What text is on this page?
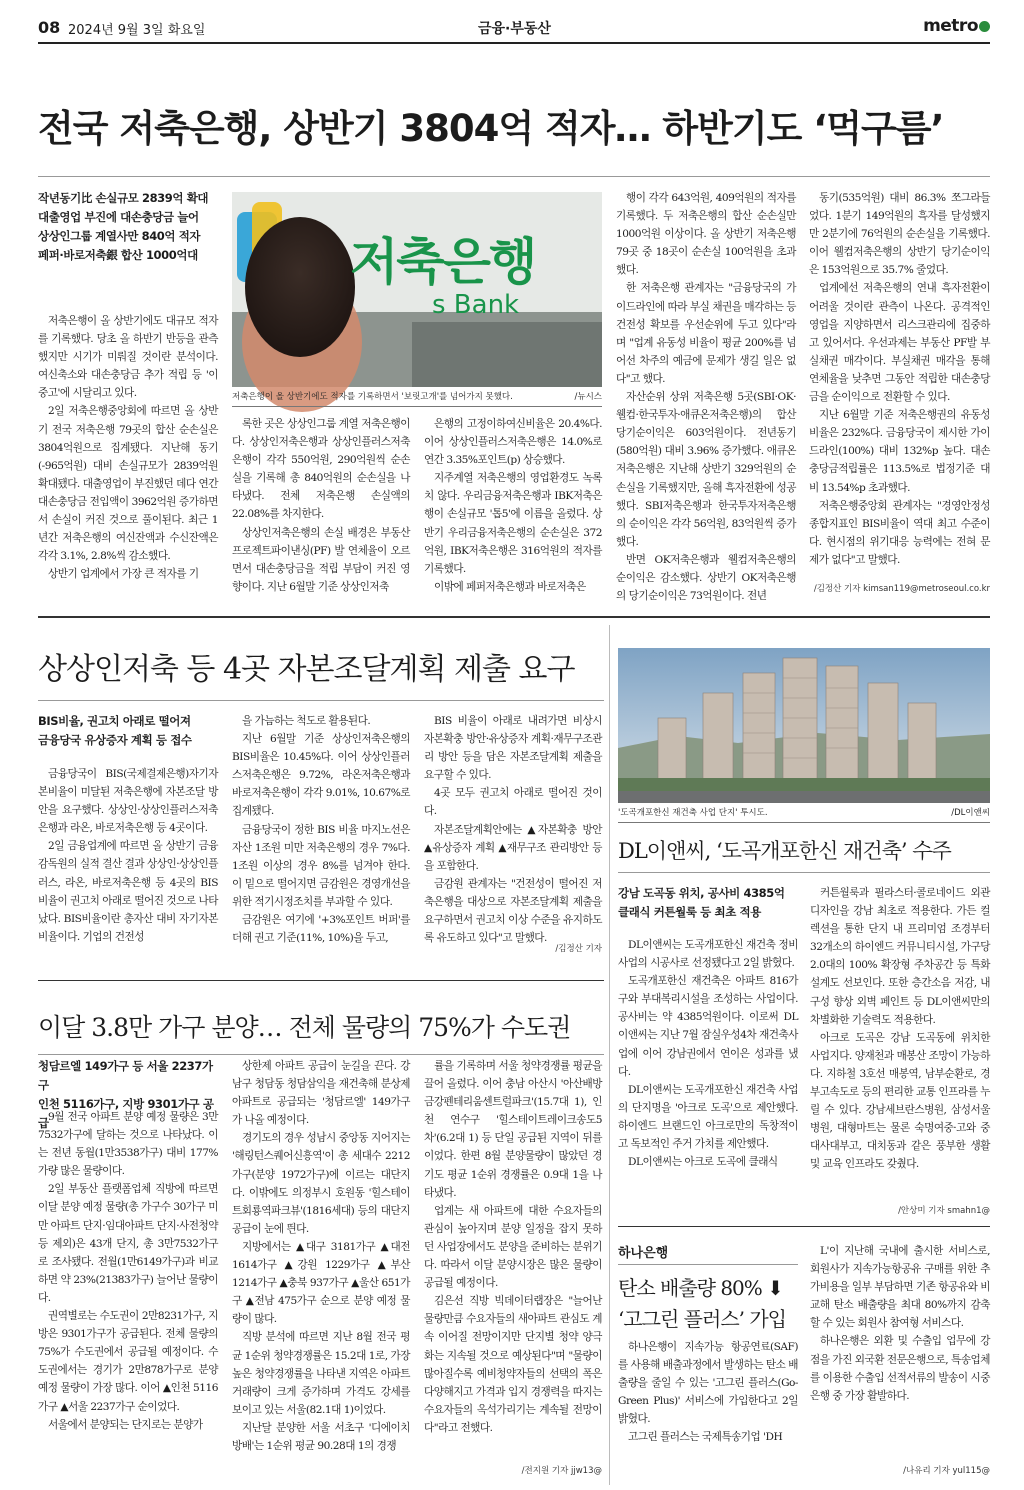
08 2024년 9월 3일 화요일	금융·부동산	metro
전국 저축은행, 상반기 3804억 적자… 하반기도 ‘먹구름’
작년동기比 손실규모 2839억 확대
대출영업 부진에 대손충당금 늘어
상상인그룹 계열사만 840억 적자
페퍼·바로저축銀 합산 1000억대

저축은행이 올 상반기에도 대규모 적자를 기록했다. 당초 올 하반기 반등을 관측했지만 시기가 미뤄질 것이란 분석이다. 여신축소와 대손충당금 추가 적립 등 '이중고'에 시달리고 있다.

2일 저축은행중앙회에 따르면 올 상반기 전국 저축은행 79곳의 합산 순손실은 3804억원으로 집계됐다. 지난해 동기(-965억원) 대비 손실규모가 2839억원 확대됐다. 대출영업이 부진했던 데다 연간 대손충당금 전입액이 3962억원 증가하면서 손실이 커진 것으로 풀이된다. 최근 1년간 저축은행의 여신잔액과 수신잔액은 각각 3.1%, 2.8%씩 감소했다.

상반기 업계에서 가장 큰 적자를 기

저축은행
s Bank
저축은행이 올 상반기에도 적자를 기록하면서 '보릿고개'를 넘어가지 못했다.	/뉴시스

록한 곳은 상상인그룹 계열 저축은행이다. 상상인저축은행과 상상인플러스저축은행이 각각 550억원, 290억원씩 순손실을 기록해 총 840억원의 순손실을 나타냈다. 전체 저축은행 손실액의 22.08%를 차지한다.

상상인저축은행의 손실 배경은 부동산 프로젝트파이낸싱(PF) 발 연체율이 오르면서 대손충당금을 적립 부담이 커진 영향이다. 지난 6월말 기준 상상인저축

은행의 고정이하여신비율은 20.4%다. 이어 상상인플러스저축은행은 14.0%로 연간 3.35%포인트(p) 상승했다.

지주계열 저축은행의 영업환경도 녹록치 않다. 우리금융저축은행과 IBK저축은행이 손실규모 '톱5'에 이름을 올렸다. 상반기 우리금융저축은행의 순손실은 372억원, IBK저축은행은 316억원의 적자를 기록했다.

이밖에 페퍼저축은행과 바로저축은

행이 각각 643억원, 409억원의 적자를 기록했다. 두 저축은행의 합산 순손실만 1000억원 이상이다. 올 상반기 저축은행 79곳 중 18곳이 순손실 100억원을 초과했다.

한 저축은행 관계자는 "금융당국의 가이드라인에 따라 부실 채권을 매각하는 등 건전성 확보를 우선순위에 두고 있다"라며 "업계 유동성 비율이 평균 200%를 넘어선 차주의 예금에 문제가 생길 일은 없다"고 했다.

자산순위 상위 저축은행 5곳(SBI·OK·웰컴·한국투자·애큐온저축은행)의 합산 당기순이익은 603억원이다. 전년동기(580억원) 대비 3.96% 증가했다. 애큐온저축은행은 지난해 상반기 329억원의 순손실을 기록했지만, 올해 흑자전환에 성공했다. SBI저축은행과 한국투자저축은행의 순이익은 각각 56억원, 83억원씩 증가했다.

반면 OK저축은행과 웰컴저축은행의 순이익은 감소했다. 상반기 OK저축은행의 당기순이익은 73억원이다. 전년

동기(535억원) 대비 86.3% 쪼그라들었다. 1분기 149억원의 흑자를 달성했지만 2분기에 76억원의 순손실을 기록했다. 이어 웰컴저축은행의 상반기 당기순이익은 153억원으로 35.7% 줄었다.

업계에선 저축은행의 연내 흑자전환이 어려울 것이란 관측이 나온다. 공격적인 영업을 지양하면서 리스크관리에 집중하고 있어서다. 우선과제는 부동산 PF발 부실채권 매각이다. 부실채권 매각을 통해 연체율을 낮추면 그동안 적립한 대손충당금을 순이익으로 전환할 수 있다.

지난 6월말 기준 저축은행권의 유동성비율은 232%다. 금융당국이 제시한 가이드라인(100%) 대비 132%p 높다. 대손충당금적립률은 113.5%로 법정기준 대비 13.54%p 초과했다.

저축은행중앙회 관계자는 "경영안정성 종합지표인 BIS비율이 역대 최고 수준이다. 현시점의 위기대응 능력에는 전혀 문제가 없다"고 말했다.

/김정산 기자 kimsan119@metroseoul.co.kr
상상인저축 등 4곳 자본조달계획 제출 요구
BIS비율, 권고치 아래로 떨어져
금융당국 유상증자 계획 등 접수

금융당국이 BIS(국제결제은행)자기자본비율이 미달된 저축은행에 자본조달 방안을 요구했다. 상상인·상상인플러스저축은행과 라온, 바로저축은행 등 4곳이다.

2일 금융업계에 따르면 올 상반기 금융감독원의 실적 결산 결과 상상인·상상인플러스, 라온, 바로저축은행 등 4곳의 BIS비율이 권고치 아래로 떨어진 것으로 나타났다. BIS비율이란 총자산 대비 자기자본 비율이다. 기업의 건전성

을 가늠하는 척도로 활용된다.

지난 6월말 기준 상상인저축은행의 BIS비율은 10.45%다. 이어 상상인플러스저축은행은 9.72%, 라온저축은행과 바로저축은행이 각각 9.01%, 10.67%로 집계됐다.

금융당국이 정한 BIS 비율 마지노선은 자산 1조원 미만 저축은행의 경우 7%다. 1조원 이상의 경우 8%를 넘겨야 한다. 이 밑으로 떨어지면 금감원은 경영개선을 위한 적기시정조치를 부과할 수 있다.

금감원은 여기에 '+3%포인트 버퍼'를 더해 권고 기준(11%, 10%)을 두고,

BIS 비율이 아래로 내려가면 비상시 자본확충 방안·유상증자 계획·재무구조관리 방안 등을 담은 자본조달계획 제출을 요구할 수 있다.

4곳 모두 권고치 아래로 떨어진 것이다.

자본조달계획안에는 ▲자본확충 방안 ▲유상증자 계획 ▲재무구조 관리방안 등을 포함한다.

금감원 관계자는 "건전성이 떨어진 저축은행을 대상으로 자본조달계획 제출을 요구하면서 권고치 이상 수준을 유지하도록 유도하고 있다"고 말했다.

/김정산 기자
'도곡개포한신 재건축 사업 단지' 투시도.	/DL이앤씨
DL이앤씨, ‘도곡개포한신 재건축’ 수주
강남 도곡동 위치, 공사비 4385억
클래식 커튼월룩 등 최초 적용

DL이앤씨는 도곡개포한신 재건축 정비사업의 시공사로 선정됐다고 2일 밝혔다.

도곡개포한신 재건축은 아파트 816가구와 부대복리시설을 조성하는 사업이다. 공사비는 약 4385억원이다. 이로써 DL이앤씨는 지난 7월 잠실우성4차 재건축사업에 이어 강남권에서 연이은 성과를 냈다.

DL이앤씨는 도곡개포한신 재건축 사업의 단지명을 '아크로 도곡'으로 제안했다. 하이엔드 브랜드인 아크로만의 독창적이고 독보적인 주거 가치를 제안했다.

DL이앤씨는 아크로 도곡에 클래식

커튼월룩과 필라스터·콜로네이드 외관 디자인을 강남 최초로 적용한다. 가든 컬렉션을 통한 단지 내 프리미엄 조경부터 32개소의 하이엔드 커뮤니티시설, 가구당 2.0대의 100% 확장형 주차공간 등 특화 설계도 선보인다. 또한 층간소음 저감, 내구성 향상 외벽 페인트 등 DL이앤씨만의 차별화한 기술력도 적용한다.

아크로 도곡은 강남 도곡동에 위치한 사업지다. 양재천과 매봉산 조망이 가능하다. 지하철 3호선 매봉역, 남부순환로, 경부고속도로 등의 편리한 교통 인프라를 누릴 수 있다. 강남세브란스병원, 삼성서울병원, 대형마트는 물론 숙명여중·고와 중대사대부고, 대치동과 같은 풍부한 생활 및 교육 인프라도 갖췄다.

/안상미 기자 smahn1@
이달 3.8만 가구 분양… 전체 물량의 75%가 수도권
청담르엘 149가구 등 서울 2237가구
인천 5116가구, 지방 9301가구 공급 9월 전국 아파트 분양 예정 물량은 3만7532가구에 달하는 것으로 나타났다. 이는 전년 동월(1만3538가구) 대비 177%가량 많은 물량이다.

2일 부동산 플랫폼업체 직방에 따르면 이달 분양 예정 물량(총 가구수 30가구 미만 아파트 단지·임대아파트 단지·사전청약 등 제외)은 43개 단지, 총 3만7532가구로 조사됐다. 전월(1만6149가구)과 비교하면 약 23%(21383가구) 늘어난 물량이다.

권역별로는 수도권이 2만8231가구, 지방은 9301가구가 공급된다. 전체 물량의 75%가 수도권에서 공급될 예정이다. 수도권에서는 경기가 2만878가구로 분양 예정 물량이 가장 많다. 이어 ▲인천 5116가구 ▲서울 2237가구 순이었다.

서울에서 분양되는 단지로는 분양가

상한제 아파트 공급이 눈길을 끈다. 강남구 청담동 청담삼익을 재건축해 분상제 아파트로 공급되는 '청담르엘' 149가구가 나올 예정이다.

경기도의 경우 성남시 중앙동 지어지는 '해링턴스퀘어신흥역'이 총 세대수 2212가구(분양 1972가구)에 이르는 대단지다. 이밖에도 의정부시 호원동 '힐스테이트회룡역파크뷰'(1816세대) 등의 대단지 공급이 눈에 띈다.

지방에서는 ▲대구 3181가구 ▲대전 1614가구 ▲강원 1229가구 ▲부산 1214가구 ▲충북 937가구 ▲울산 651가구 ▲전남 475가구 순으로 분양 예정 물량이 많다.

직방 분석에 따르면 지난 8월 전국 평균 1순위 청약경쟁률은 15.2대 1로, 가장 높은 청약경쟁률을 나타낸 지역은 아파트 거래량이 크게 증가하며 가격도 강세를 보이고 있는 서울(82.1대 1)이었다.

지난달 분양한 서울 서초구 '디에이치방배'는 1순위 평균 90.28대 1의 경쟁

률을 기록하며 서울 청약경쟁률 평균을 끌어 올렸다. 이어 충남 아산시 '아산배방금강펜테리움센트럴파크'(15.7대 1), 인천 연수구 '힐스테이트레이크송도5차'(6.2대 1) 등 단일 공급된 지역이 뒤를 이었다. 한편 8월 분양물량이 많았던 경기도 평균 1순위 경쟁률은 0.9대 1을 나타냈다.

업계는 새 아파트에 대한 수요자들의 관심이 높아지며 분양 일정을 잡지 못하던 사업장에서도 분양을 준비하는 분위기다. 따라서 이달 분양시장은 많은 물량이 공급될 예정이다.

김은선 직방 빅데이터랩장은 "늘어난 물량만큼 수요자들의 새아파트 관심도 계속 이어질 전망이지만 단지별 청약 양극화는 지속될 것으로 예상된다"며 "물량이 많아질수록 예비청약자들의 선택의 폭은 다양해지고 가격과 입지 경쟁력을 따지는 수요자들의 옥석가리기는 계속될 전망이다"라고 전했다.

/전지원 기자 jjw13@
하나은행
탄소 배출량 80% ⬇
‘고그린 플러스’ 가입

하나은행이 지속가능 항공연료(SAF)를 사용해 배출과정에서 발생하는 탄소 배출량을 줄일 수 있는 '고그린 플러스(Go-Green Plus)' 서비스에 가입한다고 2일 밝혔다.

고그린 플러스는 국제특송기업 'DH

L'이 지난해 국내에 출시한 서비스로, 회원사가 지속가능항공유 구매를 위한 추가비용을 일부 부담하면 기존 항공유와 비교해 탄소 배출량을 최대 80%까지 감축할 수 있는 회원사 참여형 서비스다.

하나은행은 외환 및 수출입 업무에 강점을 가진 외국환 전문은행으로, 특송업체를 이용한 수출입 선적서류의 발송이 시중은행 중 가장 활발하다.

/나유리 기자 yul115@
